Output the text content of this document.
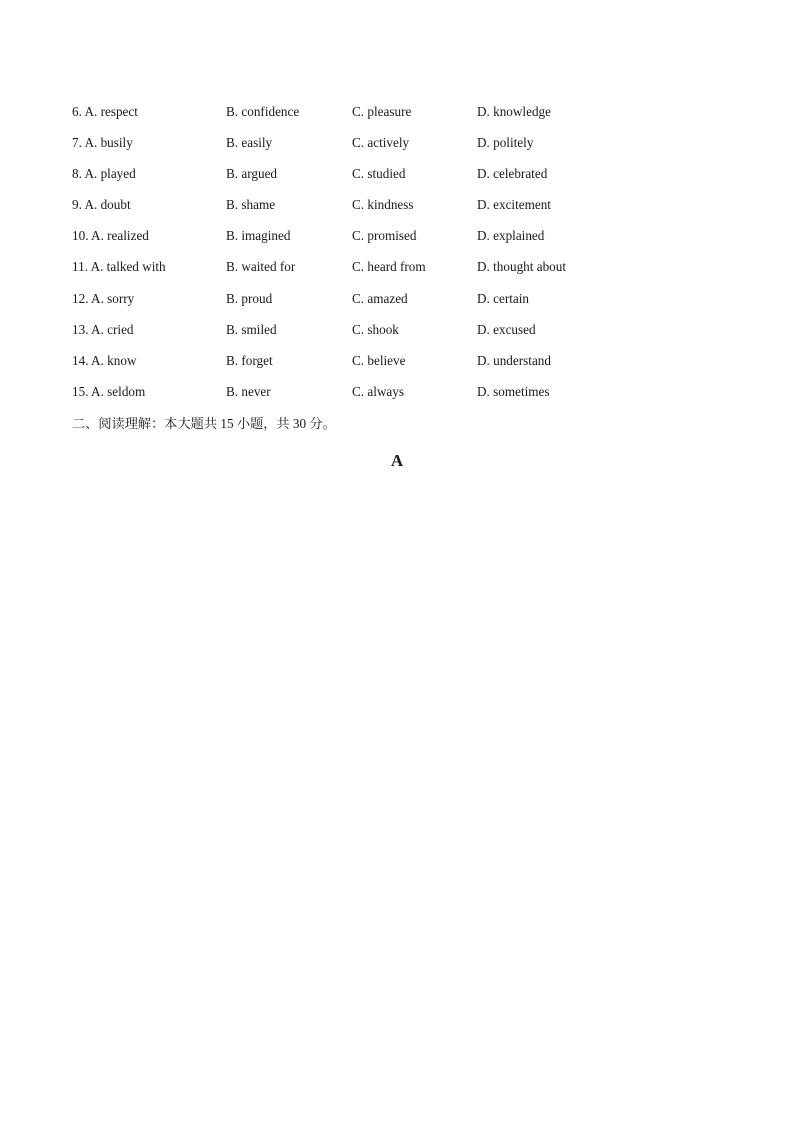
6. A. respect	B. confidence	C. pleasure	D. knowledge
7. A. busily	B. easily	C. actively	D. politely
8. A. played	B. argued	C. studied	D. celebrated
9. A. doubt	B. shame	C. kindness	D. excitement
10. A. realized	B. imagined	C. promised	D. explained
11. A. talked with	B. waited for	C. heard from	D. thought about
12. A. sorry	B. proud	C. amazed	D. certain
13. A. cried	B. smiled	C. shook	D. excused
14. A. know	B. forget	C. believe	D. understand
15. A. seldom	B. never	C. always	D. sometimes
二、阅读理解：本大题共 15 小题，共 30 分。
A
